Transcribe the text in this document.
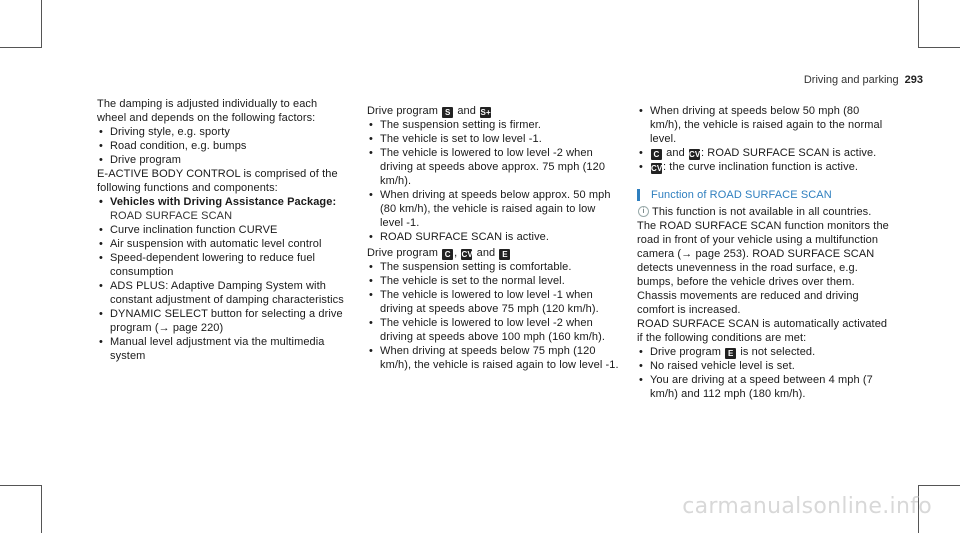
Driving and parking 293

The damping is adjusted individually to each wheel and depends on the following factors:

• Driving style, e.g. sporty
• Road condition, e.g. bumps
• Drive program

E-ACTIVE BODY CONTROL is comprised of the following functions and components:

• Vehicles with Driving Assistance Package:
ROAD SURFACE SCAN
• Curve inclination function CURVE
• Air suspension with automatic level control
• Speed-dependent lowering to reduce fuel consumption
• ADS PLUS: Adaptive Damping System with constant adjustment of damping characteristics
• DYNAMIC SELECT button for selecting a drive program (→ page 220)
• Manual level adjustment via the multimedia system

Drive program S and S+

• The suspension setting is firmer.
• The vehicle is set to low level -1.
• The vehicle is lowered to low level -2 when driving at speeds above approx. 75 mph (120 km/h).
• When driving at speeds below approx. 50 mph (80 km/h), the vehicle is raised again to low level -1.
• ROAD SURFACE SCAN is active.

Drive program C , CV and E

• The suspension setting is comfortable.
• The vehicle is set to the normal level.
• The vehicle is lowered to low level -1 when driving at speeds above 75 mph (120 km/h).
• The vehicle is lowered to low level -2 when driving at speeds above 100 mph (160 km/h).
• When driving at speeds below 75 mph (120 km/h), the vehicle is raised again to low level -1.
• When driving at speeds below 50 mph (80 km/h), the vehicle is raised again to the normal level.
• C and CV: ROAD SURFACE SCAN is active.
• CV: the curve inclination function is active.
Function of ROAD SURFACE SCAN

i This function is not available in all countries.

The ROAD SURFACE SCAN function monitors the road in front of your vehicle using a multifunction camera (→ page 253). ROAD SURFACE SCAN detects unevenness in the road surface, e.g. bumps, before the vehicle drives over them. Chassis movements are reduced and driving comfort is increased.

ROAD SURFACE SCAN is automatically activated if the following conditions are met:

• Drive program E is not selected.
• No raised vehicle level is set.
• You are driving at a speed between 4 mph (7 km/h) and 112 mph (180 km/h).
carmanualsonline.info
